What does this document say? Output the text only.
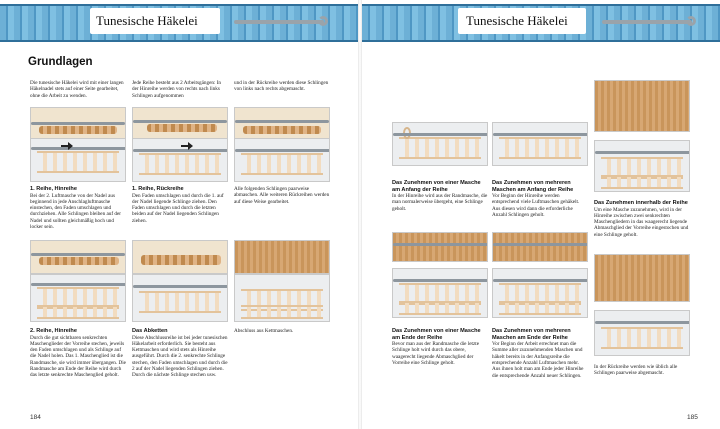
Tunesische Häkelei
Grundlagen
Die tunesische Häkelei wird mit einer langen Häkelnadel stets auf einer Seite gearbeitet, ohne die Arbeit zu wenden.
1. Reihe, Hinreihe
Bei der 2. Luftmasche von der Nadel aus beginnend in jede Anschlagluftmasche einstechen, den Faden umschlagen und durchziehen. Alle Schlingen bleiben auf der Nadel und sollten gleichmäßig hoch und locker sein.
2. Reihe, Hinreihe
Durch die gut sichtbaren senkrechten Maschenglieder der Vorreihe stechen, jeweils den Faden umschlagen und als Schlinge auf die Nadel holen. Das 1. Maschenglied ist die Randmasche, sie wird immer übergangen. Die Randmasche am Ende der Reihe wird durch das letzte senkrechte Maschenglied geholt.
Jede Reihe besteht aus 2 Arbeitsgängen: In der Hinreihe werden von rechts nach links Schlingen aufgenommen
1. Reihe, Rückreihe
Den Faden umschlagen und durch die 1. auf der Nadel liegende Schlinge ziehen. Den Faden umschlagen und durch die letzten beiden auf der Nadel liegenden Schlingen ziehen.
Das Abketten
Diese Abschlussreihe ist bei jeder tunesischen Häkelarbeit erforderlich. Sie besteht aus Kettmaschen und wird stets als Hinreihe ausgeführt. Durch die 2. senkrechte Schlinge stechen, den Faden umschlagen und durch die 2 auf der Nadel liegenden Schlingen ziehen. Durch die nächste Schlinge stechen usw.
und in der Rückreihe werden diese Schlingen von links nach rechts abgemascht.
Alle folgenden Schlingen paarweise abmaschen. Alle weiteren Rückreihen werden auf diese Weise gearbeitet.
Abschluss aus Kettmaschen.
184
Tunesische Häkelei
Das Zunehmen von einer Masche am Anfang der Reihe
In der Hinreihe wird aus der Randmasche, die man normalerweise übergeht, eine Schlinge geholt.
Das Zunehmen von einer Masche am Ende der Reihe
Bevor man aus der Randmasche die letzte Schlinge holt wird durch das obere, waagerecht liegende Abmaschglied der Vorreihe eine Schlinge geholt.
Das Zunehmen von mehreren Maschen am Anfang der Reihe
Vor Beginn der Hinreihe werden entsprechend viele Luftmaschen gehäkelt. Aus diesen wird dann die erforderliche Anzahl Schlingen geholt.
Das Zunehmen von mehreren Maschen am Ende der Reihe
Vor Beginn der Arbeit errechnet man die Summe aller zuzunehmenden Maschen und häkelt bereits in der Anfangsreihe die entsprechende Anzahl Luftmaschen mehr. Aus ihnen holt man am Ende jeder Hinreihe die entsprechende Anzahl neuer Schlingen.
Das Zunehmen innerhalb der Reihe
Um eine Masche zuzunehmen, wird in der Hinreihe zwischen zwei senkrechten Maschengliedern in das waagerecht liegende Abmaschglied der Vorreihe eingestochen und eine Schlinge geholt.
In der Rückreihe werden wie üblich alle Schlingen paarweise abgemascht.
185
